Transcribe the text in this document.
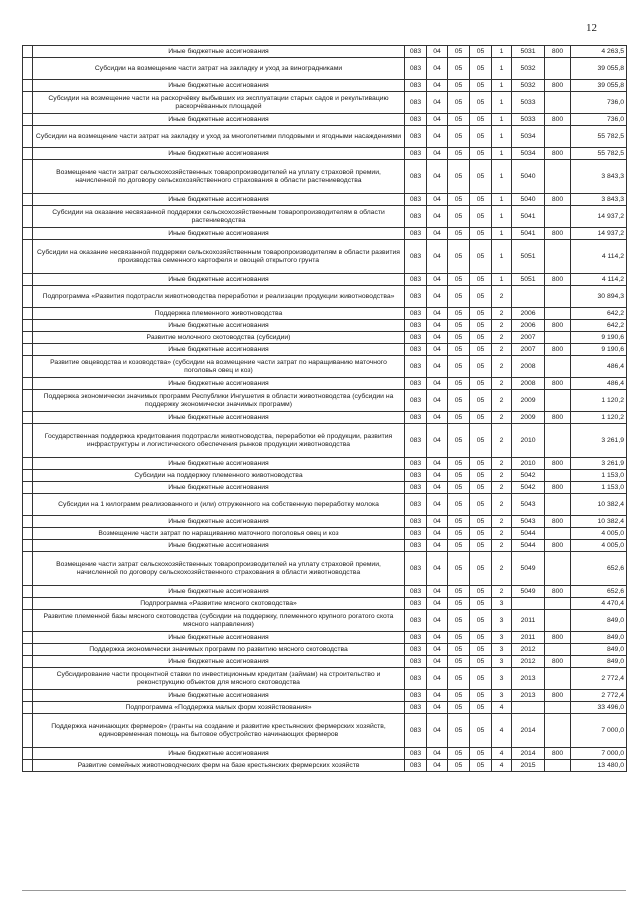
12
	Иные бюджетные ассигнования	083	04	05	05	1	5031	800	4 263,5
	Субсидии на возмещение части затрат на закладку и уход за виноградниками	083	04	05	05	1	5032		39 055,8
	Иные бюджетные ассигнования	083	04	05	05	1	5032	800	39 055,8
	Субсидии на возмещение части на раскорчёвку выбывших из эксплуатации старых садов и рекультивацию раскорчёванных площадей	083	04	05	05	1	5033		736,0
	Иные бюджетные ассигнования	083	04	05	05	1	5033	800	736,0
	Субсидии на возмещение части затрат на закладку и уход за многолетними плодовыми и ягодными насаждениями	083	04	05	05	1	5034		55 782,5
	Иные бюджетные ассигнования	083	04	05	05	1	5034	800	55 782,5
	Возмещение части затрат сельскохозяйственных товаропроизводителей на уплату страховой премии, начисленной по договору сельскохозяйственного страхования в области растениеводства	083	04	05	05	1	5040		3 843,3
	Иные бюджетные ассигнования	083	04	05	05	1	5040	800	3 843,3
	Субсидии на оказание несвязанной поддержки сельскохозяйственным товаропроизводителям в области растениеводства	083	04	05	05	1	5041		14 937,2
	Иные бюджетные ассигнования	083	04	05	05	1	5041	800	14 937,2
	Субсидии на оказание несвязанной поддержки сельскохозяйственным товаропроизводителям в области развития производства семенного картофеля и овощей открытого грунта	083	04	05	05	1	5051		4 114,2
	Иные бюджетные ассигнования	083	04	05	05	1	5051	800	4 114,2
	Подпрограмма «Развития подотрасли животноводства переработки и реализации продукции животноводства»	083	04	05	05	2			30 894,3
	Поддержка племенного животноводства	083	04	05	05	2	2006		642,2
	Иные бюджетные ассигнования	083	04	05	05	2	2006	800	642,2
	Развитие молочного скотоводства (субсидии)	083	04	05	05	2	2007		9 190,6
	Иные бюджетные ассигнования	083	04	05	05	2	2007	800	9 190,6
	Развитие овцеводства и козоводства» (субсидии на возмещение части затрат по наращиванию маточного поголовья овец и коз)	083	04	05	05	2	2008		486,4
	Иные бюджетные ассигнования	083	04	05	05	2	2008	800	486,4
	Поддержка экономически значимых программ Республики Ингушетия в области животноводства (субсидии на поддержку экономически значимых программ)	083	04	05	05	2	2009		1 120,2
	Иные бюджетные ассигнования	083	04	05	05	2	2009	800	1 120,2
	Государственная поддержка кредитования подотрасли животноводства, переработки её продукции, развития инфраструктуры и логистического обеспечения рынков продукции животноводства	083	04	05	05	2	2010		3 261,9
	Иные бюджетные ассигнования	083	04	05	05	2	2010	800	3 261,9
	Субсидии на поддержку племенного животноводства	083	04	05	05	2	5042		1 153,0
	Иные бюджетные ассигнования	083	04	05	05	2	5042	800	1 153,0
	Субсидии на 1 килограмм реализованного и (или) отгруженного на собственную переработку молока	083	04	05	05	2	5043		10 382,4
	Иные бюджетные ассигнования	083	04	05	05	2	5043	800	10 382,4
	Возмещение части затрат по наращиванию маточного поголовья овец и коз	083	04	05	05	2	5044		4 005,0
	Иные бюджетные ассигнования	083	04	05	05	2	5044	800	4 005,0
	Возмещение части затрат сельскохозяйственных товаропроизводителей на уплату страховой премии, начисленной по договору сельскохозяйственного страхования в области животноводства	083	04	05	05	2	5049		652,6
	Иные бюджетные ассигнования	083	04	05	05	2	5049	800	652,6
	Подпрограмма «Развитие мясного скотоводства»	083	04	05	05	3			4 470,4
	Развитие племенной базы мясного скотоводства (субсидии на поддержку, племенного крупного рогатого скота мясного направления)	083	04	05	05	3	2011		849,0
	Иные бюджетные ассигнования	083	04	05	05	3	2011	800	849,0
	Поддержка экономически значимых программ по развитию мясного скотоводства	083	04	05	05	3	2012		849,0
	Иные бюджетные ассигнования	083	04	05	05	3	2012	800	849,0
	Субсидирование части процентной ставки по инвестиционным кредитам (займам) на строительство и реконструкцию объектов для мясного скотоводства	083	04	05	05	3	2013		2 772,4
	Иные бюджетные ассигнования	083	04	05	05	3	2013	800	2 772,4
	Подпрограмма «Поддержка малых форм хозяйствования»	083	04	05	05	4			33 496,0
	Поддержка начинающих фермеров» (гранты на создание и развитие крестьянских фермерских хозяйств, единовременная помощь на бытовое обустройство начинающих фермеров	083	04	05	05	4	2014		7 000,0
	Иные бюджетные ассигнования	083	04	05	05	4	2014	800	7 000,0
	Развитие семейных животноводческих ферм на базе крестьянских фермерских хозяйств	083	04	05	05	4	2015		13 480,0
